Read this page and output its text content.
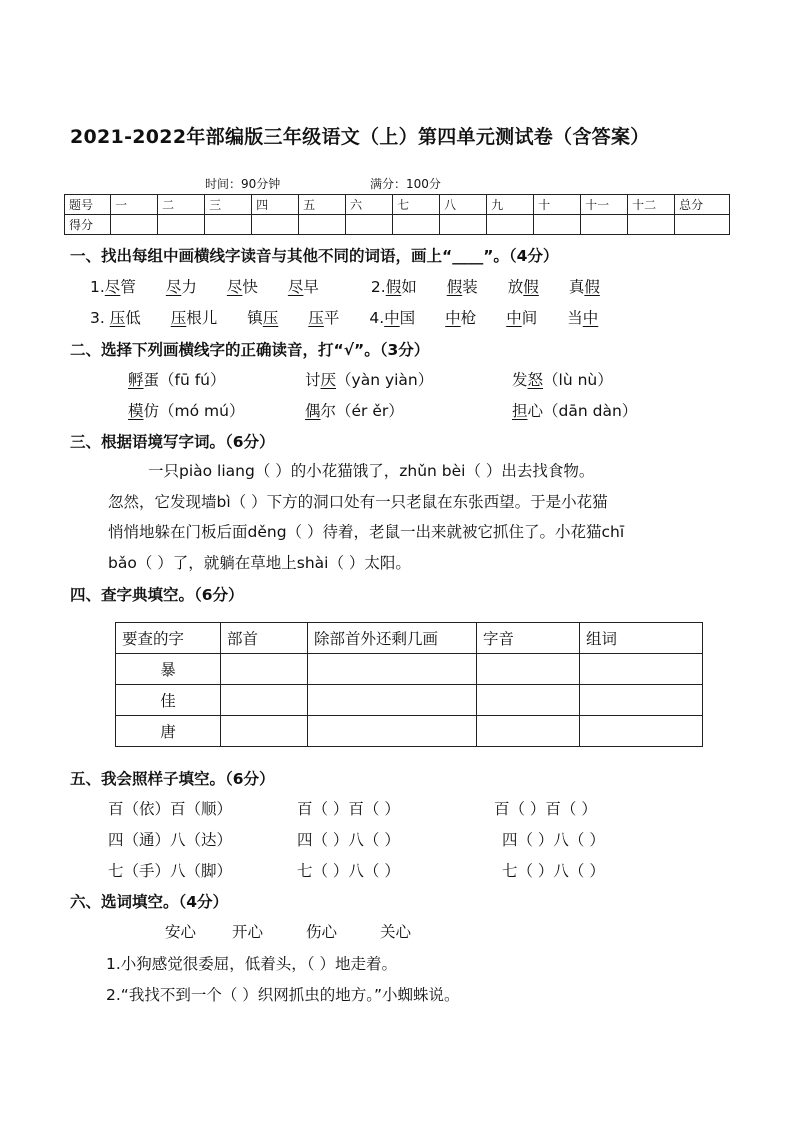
2021-2022年部编版三年级语文（上）第四单元测试卷（含答案）
时间：90分钟	满分：100分
题号	一	二	三	四	五	六	七	八	九	十	十一	十二	总分
得分													
一、找出每组中画横线字读音与其他不同的词语，画上“____”。（4分）
1.尽管 尽力 尽快 尽早	2.假如 假装 放假 真假
3. 压低 压根儿 镇压 压平 4.中国 中枪 中间 当中
二、选择下列画横线字的正确读音，打“√”。（3分）
孵蛋（fū fú）	讨厌（yàn yiàn）	发怒（lù nù）
模仿（mó mú）	偶尔（ér ěr）	担心（dān dàn）
三、根据语境写字词。（6分）
一只piào liang（ ）的小花猫饿了，zhǔn bèi（ ）出去找食物。
忽然，它发现墙bì（ ）下方的洞口处有一只老鼠在东张西望。于是小花猫
悄悄地躲在门板后面děng（ ）待着，老鼠一出来就被它抓住了。小花猫chī
bǎo（ ）了，就躺在草地上shài（ ）太阳。
四、查字典填空。（6分）
要查的字	部首	除部首外还剩几画	字音	组词
暴				
佳				
唐				
五、我会照样子填空。（6分）
百（依）百（顺）	百（ ）百（ ）	百（ ）百（ ）
四（通）八（达）	四（ ）八（ ）	四（ ）八（ ）
七（手）八（脚）	七（ ）八（ ）	七（ ）八（ ）
六、选词填空。（4分）
安心 开心	伤心	关心
1.小狗感觉很委屈，低着头，（ ）地走着。
2.“我找不到一个（ ）织网抓虫的地方。”小蜘蛛说。
